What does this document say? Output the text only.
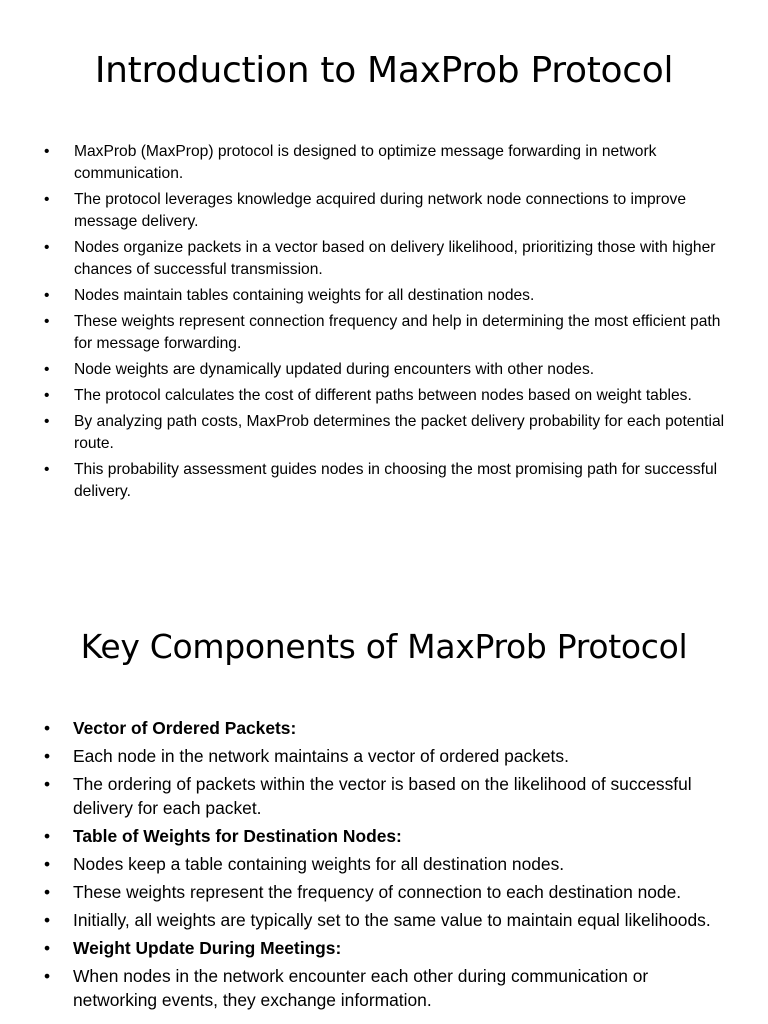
Introduction to MaxProb Protocol
• MaxProb (MaxProp) protocol is designed to optimize message forwarding in network communication.
• The protocol leverages knowledge acquired during network node connections to improve message delivery.
• Nodes organize packets in a vector based on delivery likelihood, prioritizing those with higher chances of successful transmission.
• Nodes maintain tables containing weights for all destination nodes.
• These weights represent connection frequency and help in determining the most efficient path for message forwarding.
• Node weights are dynamically updated during encounters with other nodes.
• The protocol calculates the cost of different paths between nodes based on weight tables.
• By analyzing path costs, MaxProb determines the packet delivery probability for each potential route.
• This probability assessment guides nodes in choosing the most promising path for successful delivery.
Key Components of MaxProb Protocol
• Vector of Ordered Packets:
• Each node in the network maintains a vector of ordered packets.
• The ordering of packets within the vector is based on the likelihood of successful delivery for each packet.
• Table of Weights for Destination Nodes:
• Nodes keep a table containing weights for all destination nodes.
• These weights represent the frequency of connection to each destination node.
• Initially, all weights are typically set to the same value to maintain equal likelihoods.
• Weight Update During Meetings:
• When nodes in the network encounter each other during communication or networking events, they exchange information.
